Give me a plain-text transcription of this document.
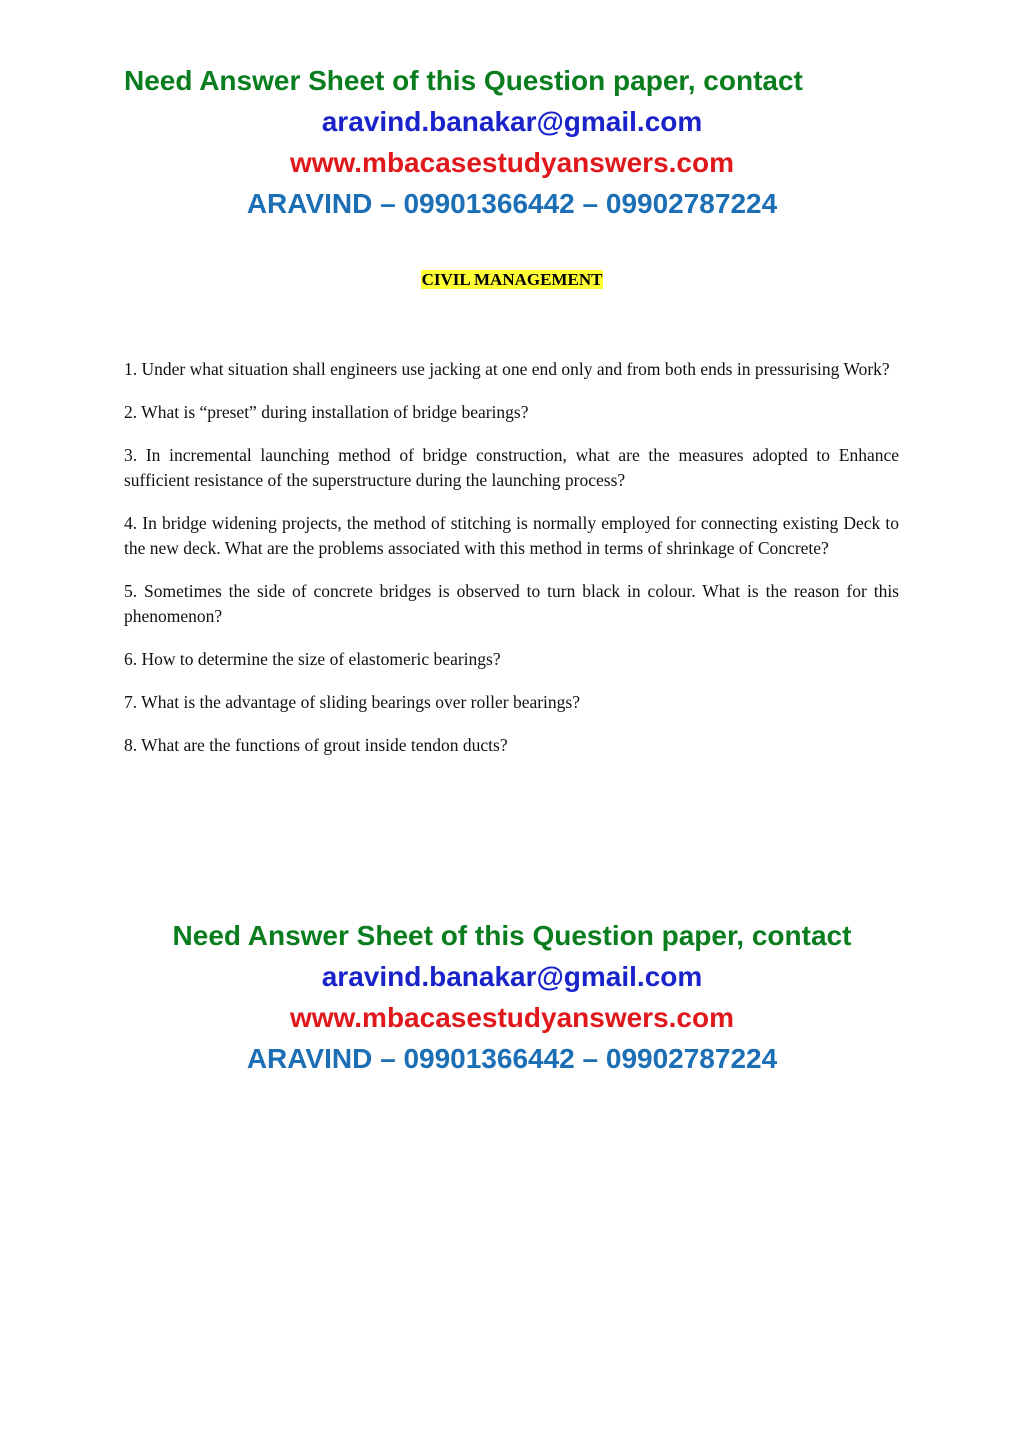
Need Answer Sheet of this Question paper, contact
aravind.banakar@gmail.com
www.mbacasestudyanswers.com
ARAVIND – 09901366442 – 09902787224
CIVIL MANAGEMENT

1. Under what situation shall engineers use jacking at one end only and from both ends in pressurising Work?

2. What is “preset” during installation of bridge bearings?

3. In incremental launching method of bridge construction, what are the measures adopted to Enhance sufficient resistance of the superstructure during the launching process?

4. In bridge widening projects, the method of stitching is normally employed for connecting existing Deck to the new deck. What are the problems associated with this method in terms of shrinkage of Concrete?

5. Sometimes the side of concrete bridges is observed to turn black in colour. What is the reason for this phenomenon?

6. How to determine the size of elastomeric bearings?

7. What is the advantage of sliding bearings over roller bearings?

8. What are the functions of grout inside tendon ducts?

Need Answer Sheet of this Question paper, contact
aravind.banakar@gmail.com
www.mbacasestudyanswers.com
ARAVIND – 09901366442 – 09902787224
